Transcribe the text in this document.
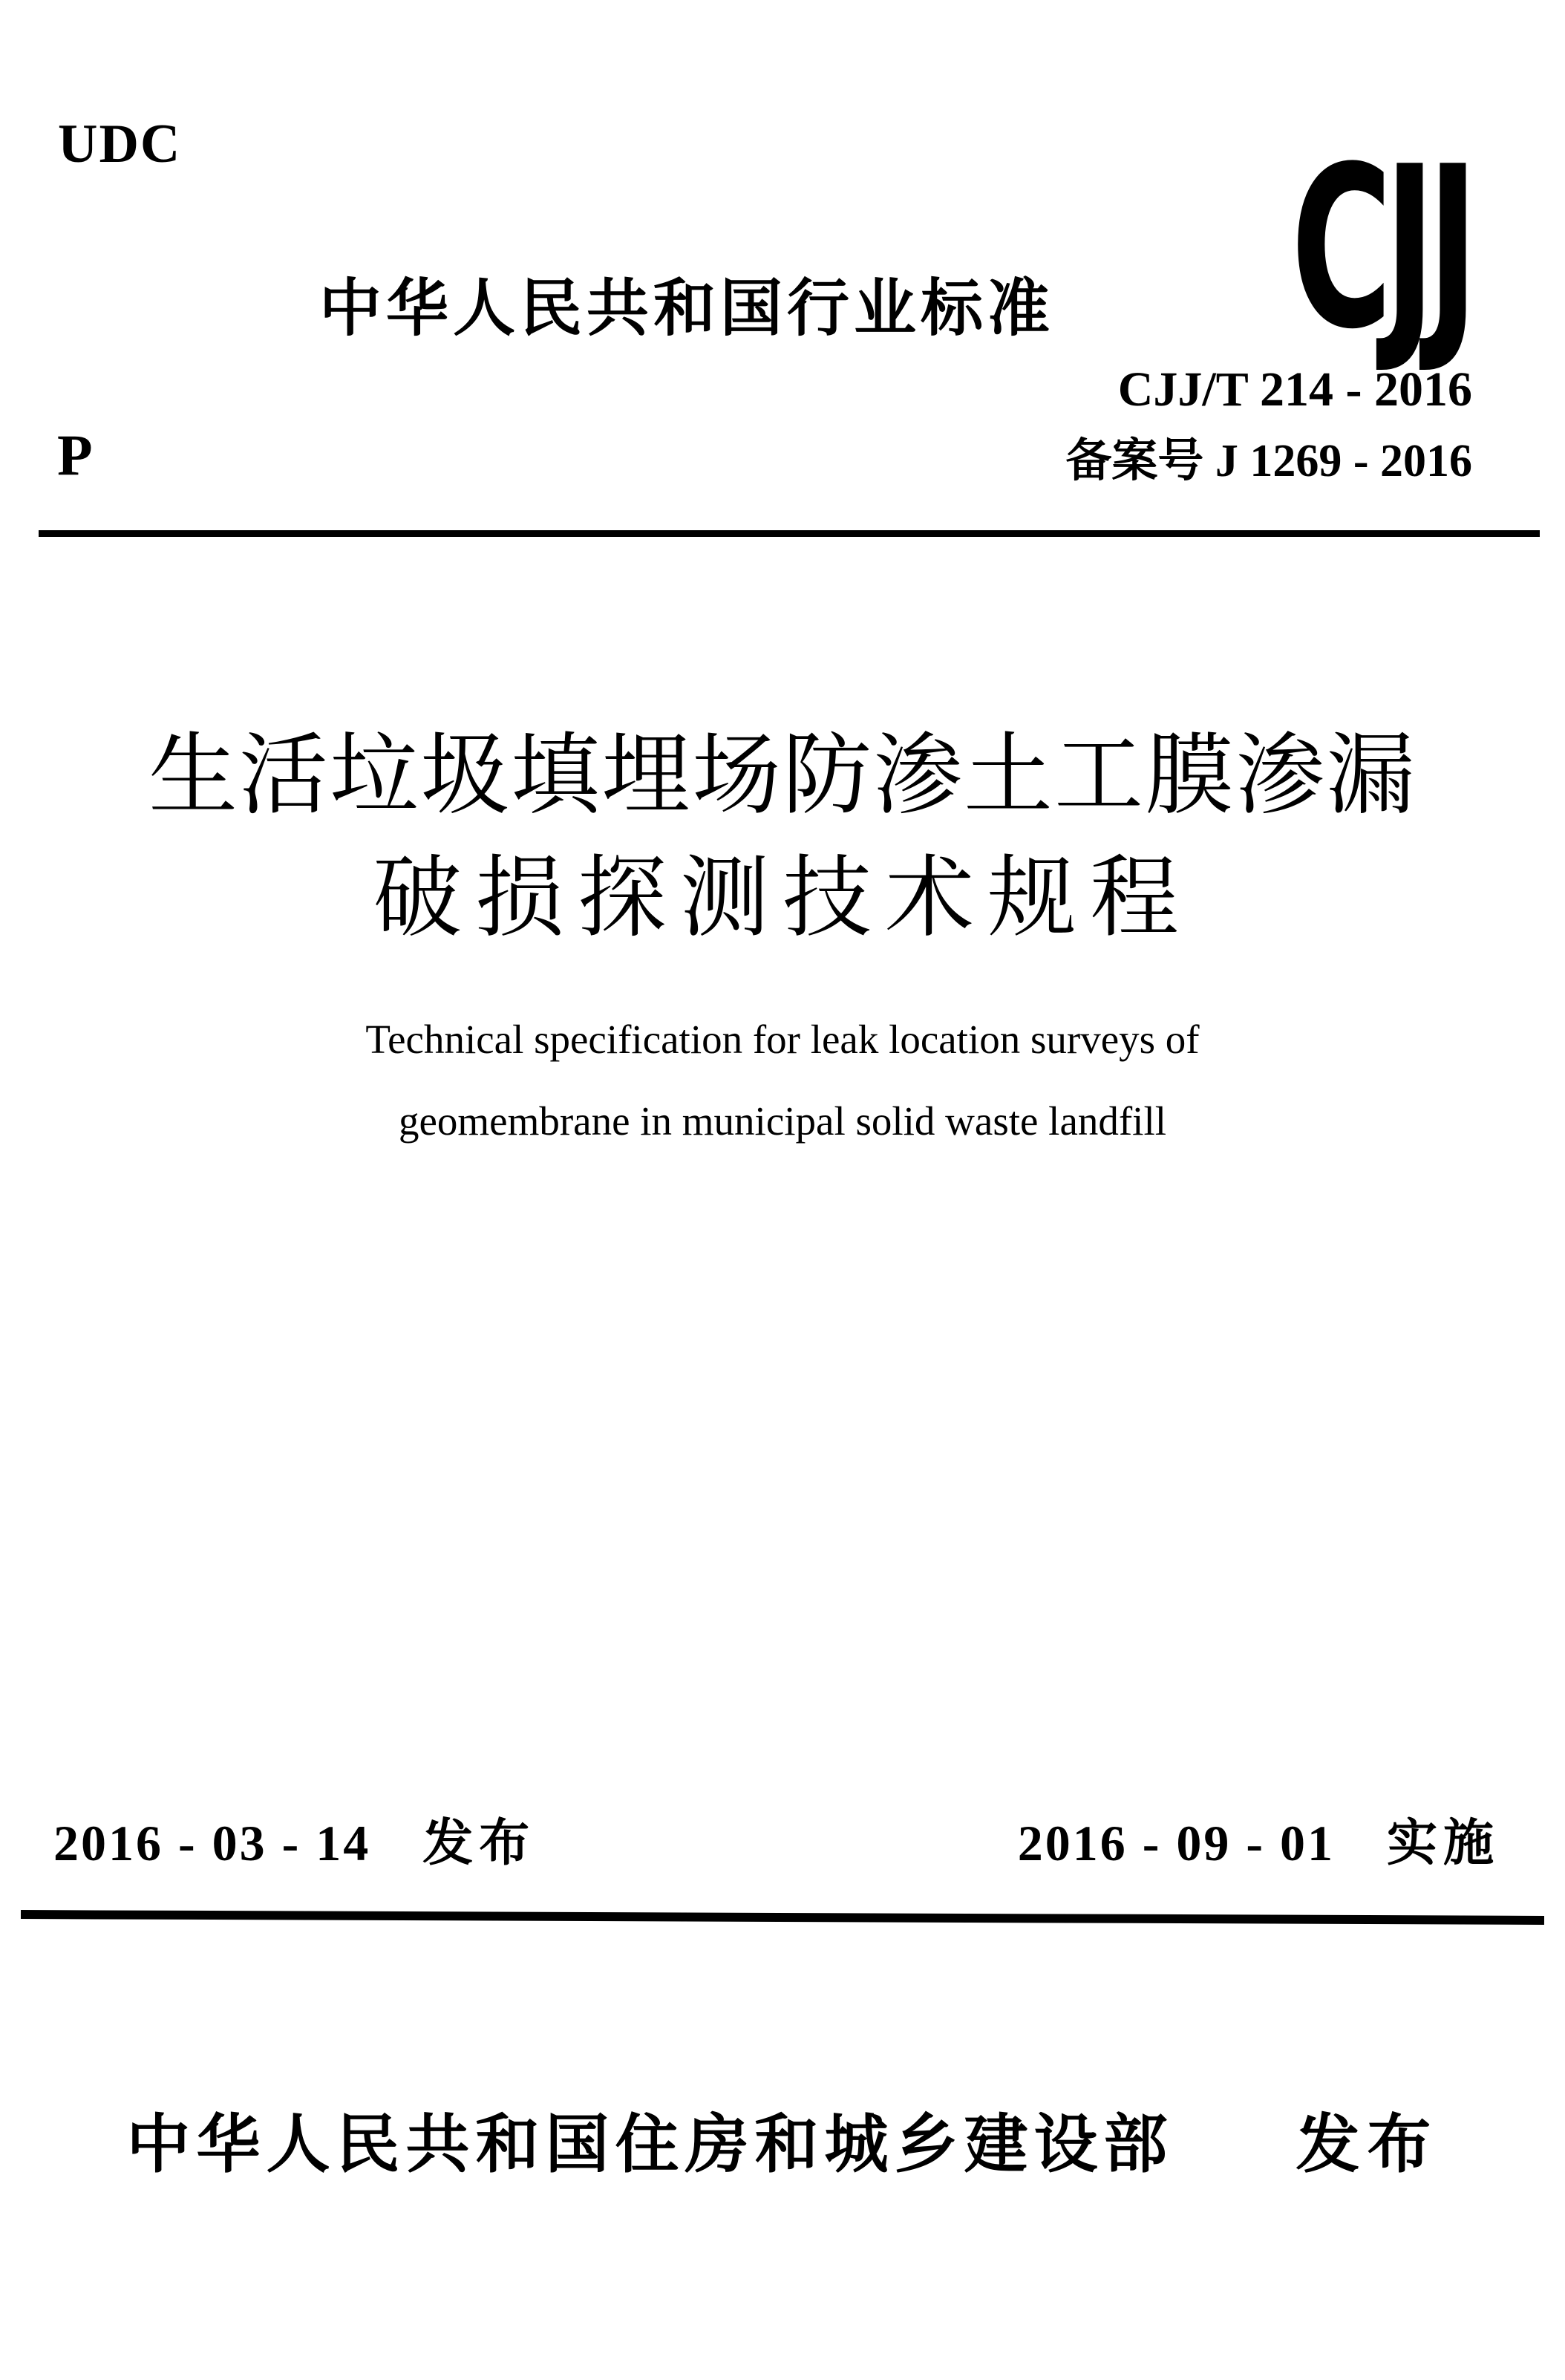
UDC
中华人民共和国行业标准 CJJ
CJJ/T 214 - 2016
备案号 J 1269 - 2016
P
生活垃圾填埋场防渗土工膜渗漏
破损探测技术规程
Technical specification for leak location surveys of
geomembrane in municipal solid waste landfill
2016 - 03 - 14 发布	2016 - 09 - 01 实施
中华人民共和国住房和城乡建设部 发布
